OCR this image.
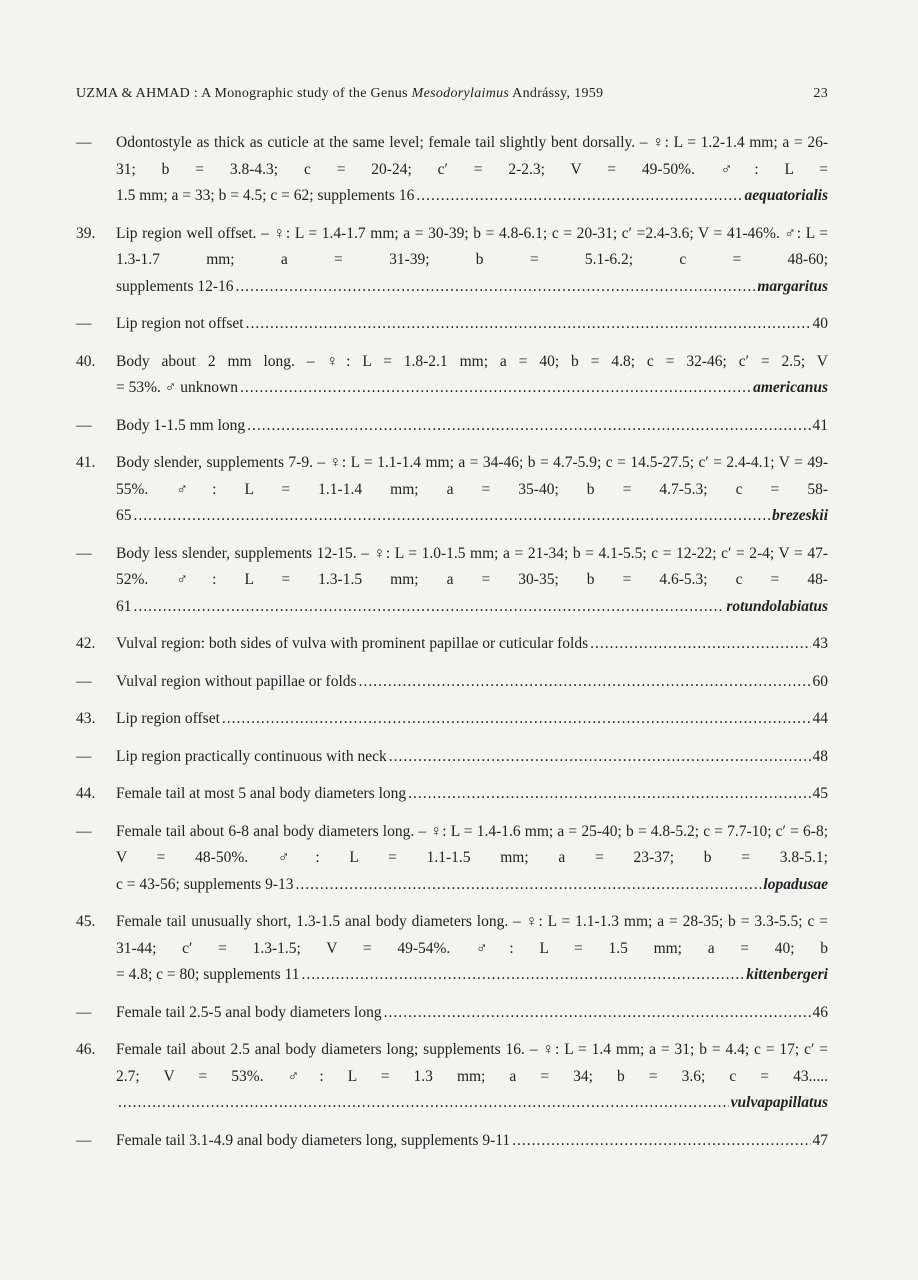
UZMA & AHMAD : A Monographic study of the Genus Mesodorylaimus Andrássy, 1959	23
—	Odontostyle as thick as cuticle at the same level; female tail slightly bent dorsally. – ♀: L = 1.2-1.4 mm; a = 26-31; b = 3.8-4.3; c = 20-24; c′ = 2-2.3; V = 49-50%. ♂: L =
1.5 mm; a = 33; b = 4.5; c = 62; supplements 16 .....	aequatorialis
39.	Lip region well offset. – ♀: L = 1.4-1.7 mm; a = 30-39; b = 4.8-6.1; c = 20-31; c′ =2.4-3.6; V = 41-46%. ♂: L = 1.3-1.7 mm; a = 31-39; b = 5.1-6.2; c = 48-60;
supplements 12-16 .....	margaritus
—	Lip region not offset .....	40
40.	Body about 2 mm long. – ♀: L = 1.8-2.1 mm; a = 40; b = 4.8; c = 32-46; c′ = 2.5; V
= 53%. ♂ unknown .....	americanus
—	Body 1-1.5 mm long .....	41
41.	Body slender, supplements 7-9. – ♀: L = 1.1-1.4 mm; a = 34-46; b = 4.7-5.9; c = 14.5-27.5; c′ = 2.4-4.1; V = 49-55%. ♂: L = 1.1-1.4 mm; a = 35-40; b = 4.7-5.3; c = 58-
65 .....	brezeskii
—	Body less slender, supplements 12-15. – ♀: L = 1.0-1.5 mm; a = 21-34; b = 4.1-5.5; c = 12-22; c′ = 2-4; V = 47-52%. ♂: L = 1.3-1.5 mm; a = 30-35; b = 4.6-5.3; c = 48-
61 .....	rotundolabiatus
42.	Vulval region: both sides of vulva with prominent papillae or cuticular folds .....	43
—	Vulval region without papillae or folds .....	60
43.	Lip region offset .....	44
—	Lip region practically continuous with neck .....	48
44.	Female tail at most 5 anal body diameters long .....	45
—	Female tail about 6-8 anal body diameters long. – ♀: L = 1.4-1.6 mm; a = 25-40; b = 4.8-5.2; c = 7.7-10; c′ = 6-8; V = 48-50%. ♂: L = 1.1-1.5 mm; a = 23-37; b = 3.8-5.1;
c = 43-56; supplements 9-13 .....	lopadusae
45.	Female tail unusually short, 1.3-1.5 anal body diameters long. – ♀: L = 1.1-1.3 mm; a = 28-35; b = 3.3-5.5; c = 31-44; c′ = 1.3-1.5; V = 49-54%. ♂: L = 1.5 mm; a = 40; b
= 4.8; c = 80; supplements 11 .....	kittenbergeri
—	Female tail 2.5-5 anal body diameters long .....	46
46.	Female tail about 2.5 anal body diameters long; supplements 16. – ♀: L = 1.4 mm; a = 31; b = 4.4; c = 17; c′ = 2.7; V = 53%. ♂: L = 1.3 mm; a = 34; b = 3.6; c = 43.....
.....
vulvapapillatus
—	Female tail 3.1-4.9 anal body diameters long, supplements 9-11 .....	47
